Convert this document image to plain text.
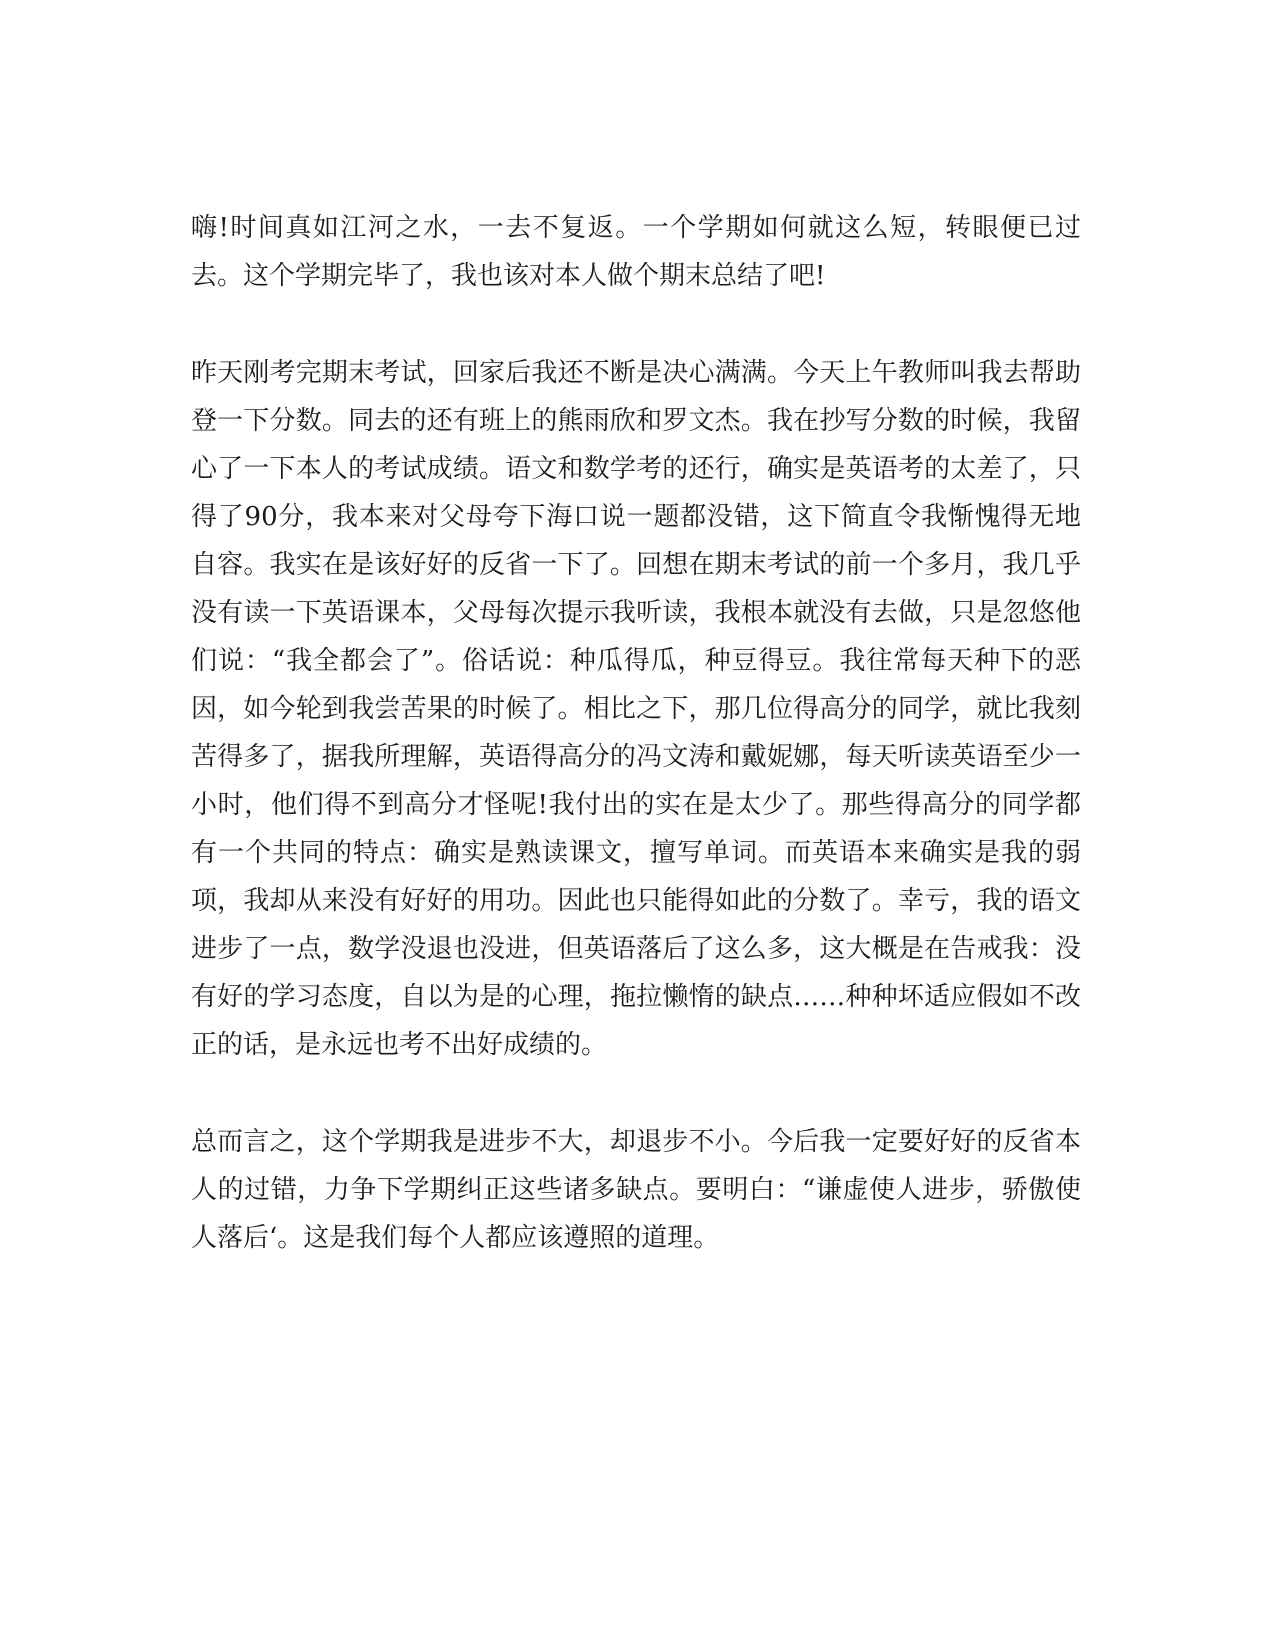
嗨!时间真如江河之水，一去不复返。一个学期如何就这么短，转眼便已过去。这个学期完毕了，我也该对本人做个期末总结了吧!

昨天刚考完期末考试，回家后我还不断是决心满满。今天上午教师叫我去帮助登一下分数。同去的还有班上的熊雨欣和罗文杰。我在抄写分数的时候，我留心了一下本人的考试成绩。语文和数学考的还行，确实是英语考的太差了，只得了90分，我本来对父母夸下海口说一题都没错，这下简直令我惭愧得无地自容。我实在是该好好的反省一下了。回想在期末考试的前一个多月，我几乎没有读一下英语课本，父母每次提示我听读，我根本就没有去做，只是忽悠他们说：“我全都会了”。俗话说：种瓜得瓜，种豆得豆。我往常每天种下的恶因，如今轮到我尝苦果的时候了。相比之下，那几位得高分的同学，就比我刻苦得多了，据我所理解，英语得高分的冯文涛和戴妮娜，每天听读英语至少一小时，他们得不到高分才怪呢!我付出的实在是太少了。那些得高分的同学都有一个共同的特点：确实是熟读课文，擅写单词。而英语本来确实是我的弱项，我却从来没有好好的用功。因此也只能得如此的分数了。幸亏，我的语文进步了一点，数学没退也没进，但英语落后了这么多，这大概是在告戒我：没有好的学习态度，自以为是的心理，拖拉懒惰的缺点……种种坏适应假如不改正的话，是永远也考不出好成绩的。

总而言之，这个学期我是进步不大，却退步不小。今后我一定要好好的反省本人的过错，力争下学期纠正这些诸多缺点。要明白：“谦虚使人进步，骄傲使人落后‘。这是我们每个人都应该遵照的道理。
